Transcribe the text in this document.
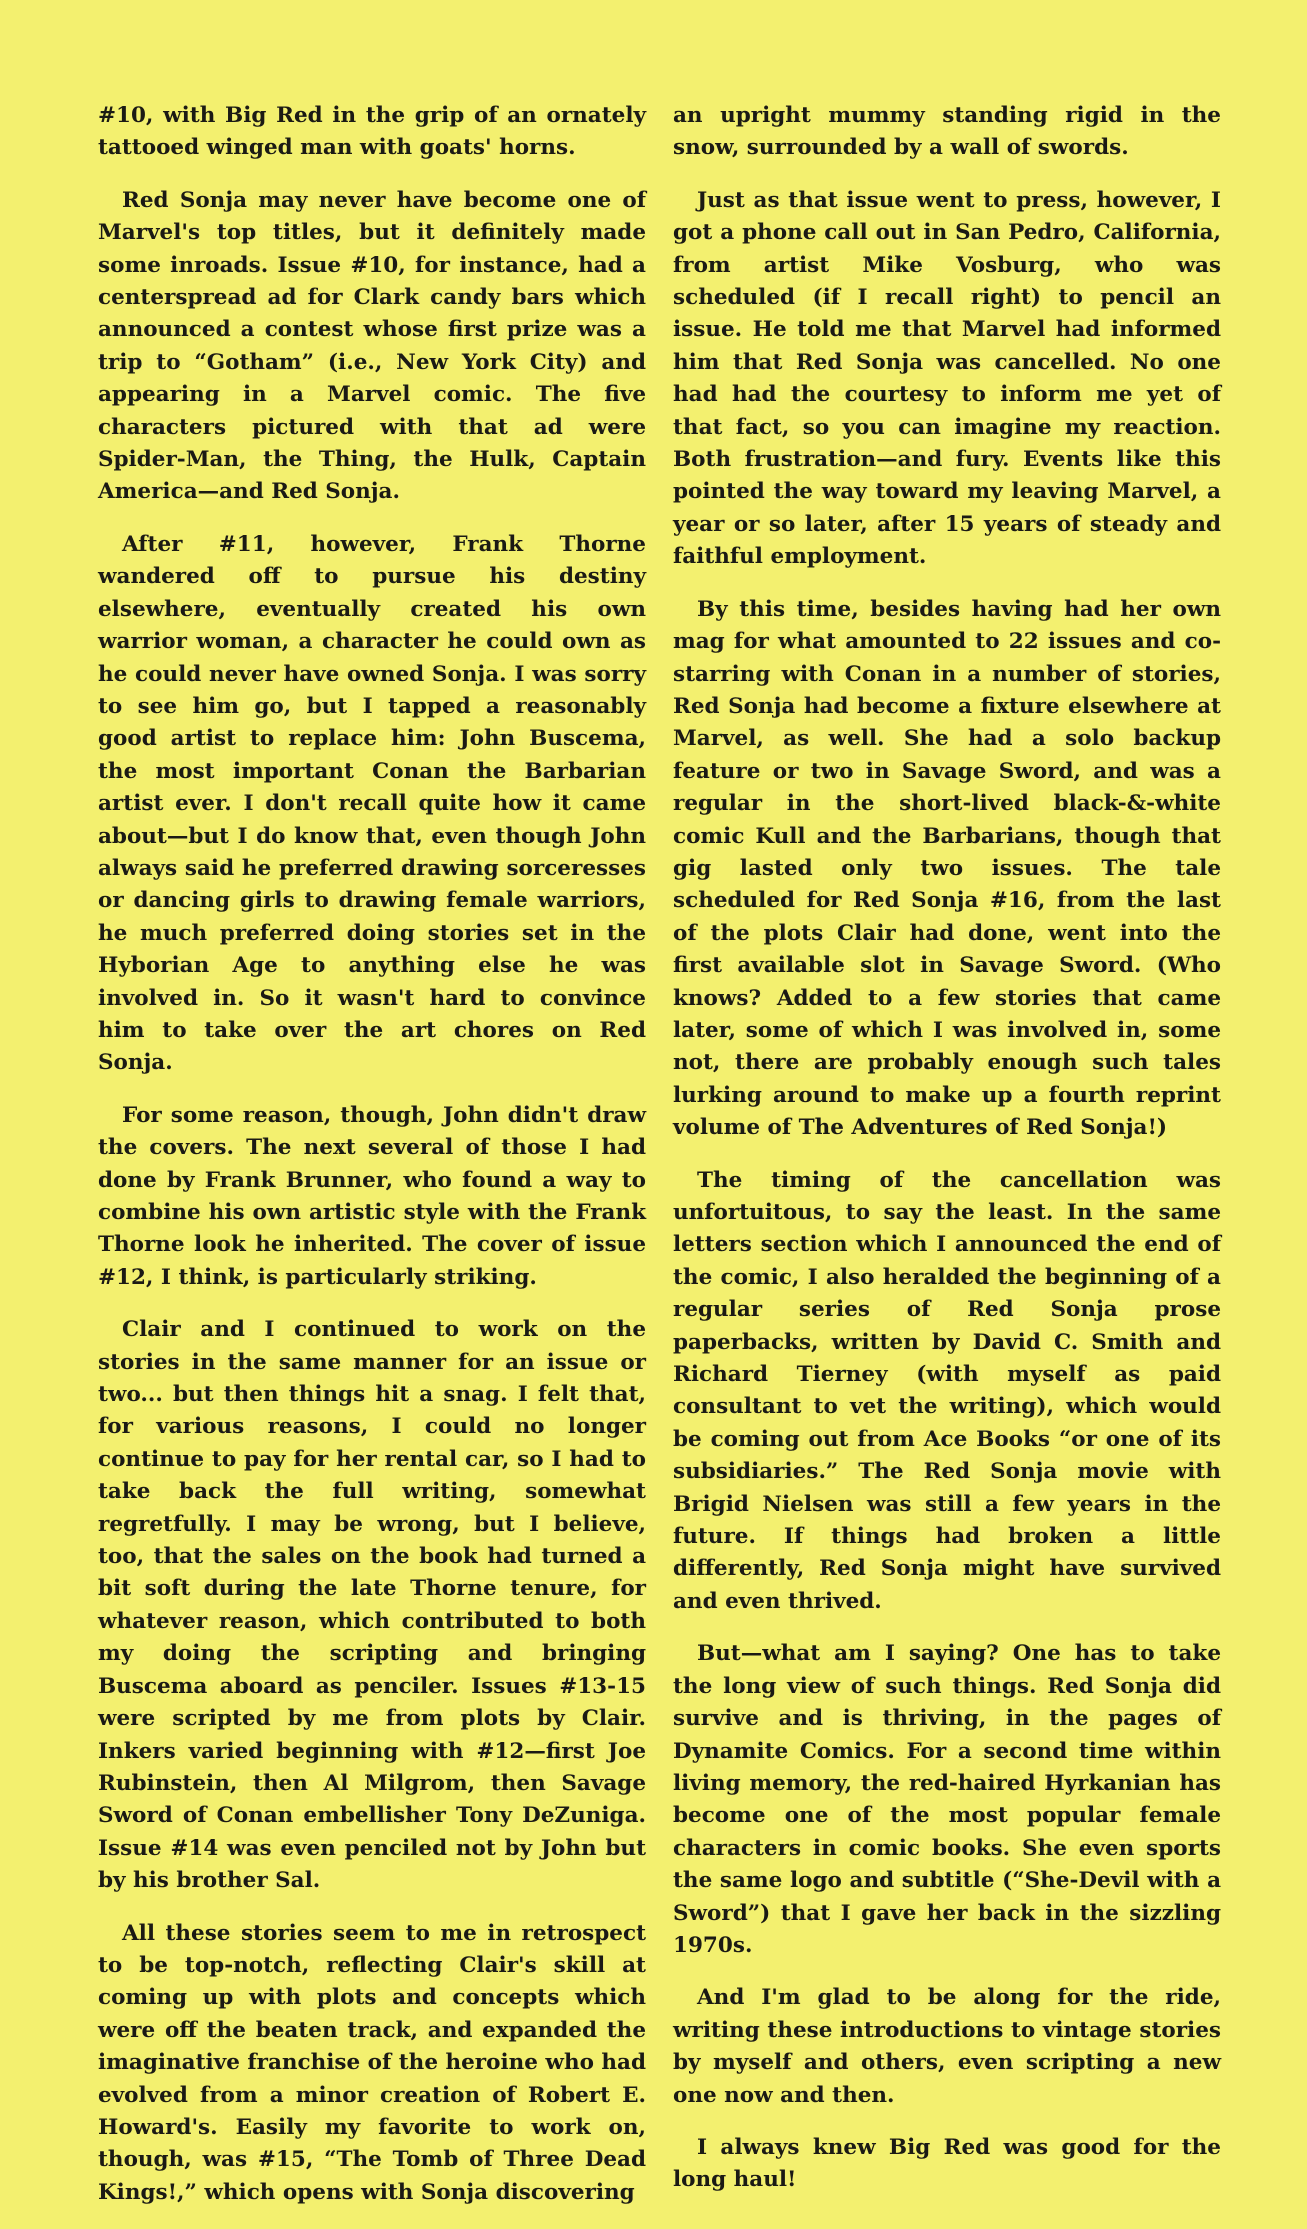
#10, with Big Red in the grip of an ornately tattooed winged man with goats' horns.

Red Sonja may never have become one of Marvel's top titles, but it definitely made some inroads. Issue #10, for instance, had a centerspread ad for Clark candy bars which announced a contest whose first prize was a trip to “Gotham” (i.e., New York City) and appearing in a Marvel comic. The five characters pictured with that ad were Spider-Man, the Thing, the Hulk, Captain America—and Red Sonja.

After #11, however, Frank Thorne wandered off to pursue his destiny elsewhere, eventually created his own warrior woman, a character he could own as he could never have owned Sonja. I was sorry to see him go, but I tapped a reasonably good artist to replace him: John Buscema, the most important Conan the Barbarian artist ever. I don't recall quite how it came about—but I do know that, even though John always said he preferred drawing sorceresses or dancing girls to drawing female warriors, he much preferred doing stories set in the Hyborian Age to anything else he was involved in. So it wasn't hard to convince him to take over the art chores on Red Sonja.

For some reason, though, John didn't draw the covers. The next several of those I had done by Frank Brunner, who found a way to combine his own artistic style with the Frank Thorne look he inherited. The cover of issue #12, I think, is particularly striking.

Clair and I continued to work on the stories in the same manner for an issue or two... but then things hit a snag. I felt that, for various reasons, I could no longer continue to pay for her rental car, so I had to take back the full writing, somewhat regretfully. I may be wrong, but I believe, too, that the sales on the book had turned a bit soft during the late Thorne tenure, for whatever reason, which contributed to both my doing the scripting and bringing Buscema aboard as penciler. Issues #13-15 were scripted by me from plots by Clair. Inkers varied beginning with #12—first Joe Rubinstein, then Al Milgrom, then Savage Sword of Conan embellisher Tony DeZuniga. Issue #14 was even penciled not by John but by his brother Sal.

All these stories seem to me in retrospect to be top-notch, reflecting Clair's skill at coming up with plots and concepts which were off the beaten track, and expanded the imaginative franchise of the heroine who had evolved from a minor creation of Robert E. Howard's. Easily my favorite to work on, though, was #15, “The Tomb of Three Dead Kings!,” which opens with Sonja discovering

an upright mummy standing rigid in the snow, surrounded by a wall of swords.

Just as that issue went to press, however, I got a phone call out in San Pedro, California, from artist Mike Vosburg, who was scheduled (if I recall right) to pencil an issue. He told me that Marvel had informed him that Red Sonja was cancelled. No one had had the courtesy to inform me yet of that fact, so you can imagine my reaction. Both frustration—and fury. Events like this pointed the way toward my leaving Marvel, a year or so later, after 15 years of steady and faithful employment.

By this time, besides having had her own mag for what amounted to 22 issues and co-starring with Conan in a number of stories, Red Sonja had become a fixture elsewhere at Marvel, as well. She had a solo backup feature or two in Savage Sword, and was a regular in the short-lived black-&-white comic Kull and the Barbarians, though that gig lasted only two issues. The tale scheduled for Red Sonja #16, from the last of the plots Clair had done, went into the first available slot in Savage Sword. (Who knows? Added to a few stories that came later, some of which I was involved in, some not, there are probably enough such tales lurking around to make up a fourth reprint volume of The Adventures of Red Sonja!)

The timing of the cancellation was unfortuitous, to say the least. In the same letters section which I announced the end of the comic, I also heralded the beginning of a regular series of Red Sonja prose paperbacks, written by David C. Smith and Richard Tierney (with myself as paid consultant to vet the writing), which would be coming out from Ace Books “or one of its subsidiaries.” The Red Sonja movie with Brigid Nielsen was still a few years in the future. If things had broken a little differently, Red Sonja might have survived and even thrived.

But—what am I saying? One has to take the long view of such things. Red Sonja did survive and is thriving, in the pages of Dynamite Comics. For a second time within living memory, the red-haired Hyrkanian has become one of the most popular female characters in comic books. She even sports the same logo and subtitle (“She-Devil with a Sword”) that I gave her back in the sizzling 1970s.

And I'm glad to be along for the ride, writing these introductions to vintage stories by myself and others, even scripting a new one now and then.

I always knew Big Red was good for the long haul!
